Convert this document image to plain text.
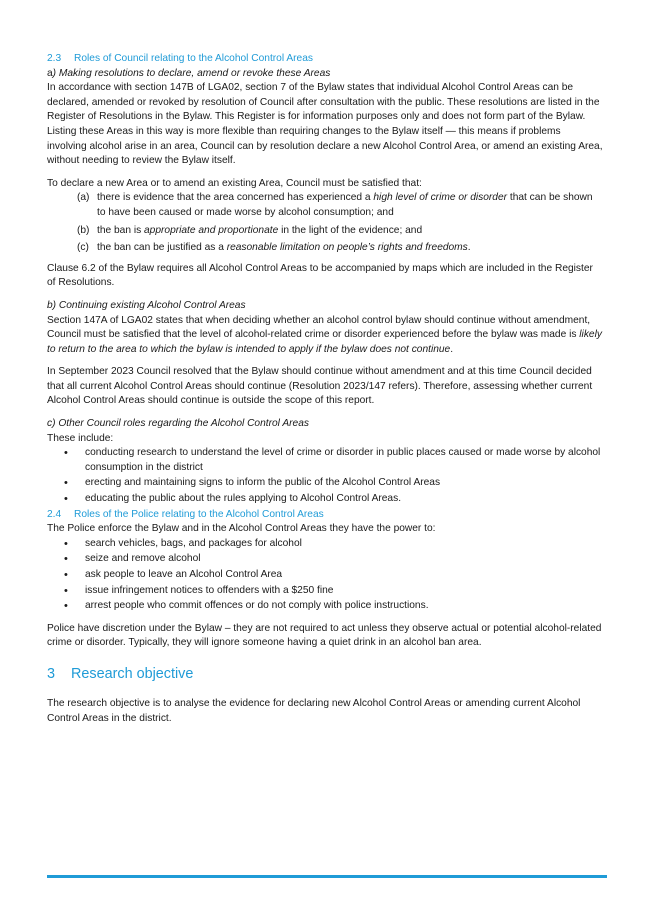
2.3 Roles of Council relating to the Alcohol Control Areas
a) Making resolutions to declare, amend or revoke these Areas

In accordance with section 147B of LGA02, section 7 of the Bylaw states that individual Alcohol Control Areas can be declared, amended or revoked by resolution of Council after consultation with the public. These resolutions are listed in the Register of Resolutions in the Bylaw. This Register is for information purposes only and does not form part of the Bylaw. Listing these Areas in this way is more flexible than requiring changes to the Bylaw itself — this means if problems involving alcohol arise in an area, Council can by resolution declare a new Alcohol Control Area, or amend an existing Area, without needing to review the Bylaw itself.

To declare a new Area or to amend an existing Area, Council must be satisfied that:

(a) there is evidence that the area concerned has experienced a high level of crime or disorder that can be shown to have been caused or made worse by alcohol consumption; and
(b) the ban is appropriate and proportionate in the light of the evidence; and
(c) the ban can be justified as a reasonable limitation on people’s rights and freedoms.

Clause 6.2 of the Bylaw requires all Alcohol Control Areas to be accompanied by maps which are included in the Register of Resolutions.

b) Continuing existing Alcohol Control Areas

Section 147A of LGA02 states that when deciding whether an alcohol control bylaw should continue without amendment, Council must be satisfied that the level of alcohol-related crime or disorder experienced before the bylaw was made is likely to return to the area to which the bylaw is intended to apply if the bylaw does not continue.

In September 2023 Council resolved that the Bylaw should continue without amendment and at this time Council decided that all current Alcohol Control Areas should continue (Resolution 2023/147 refers). Therefore, assessing whether current Alcohol Control Areas should continue is outside the scope of this report.

c) Other Council roles regarding the Alcohol Control Areas

These include:

• conducting research to understand the level of crime or disorder in public places caused or made worse by alcohol consumption in the district
• erecting and maintaining signs to inform the public of the Alcohol Control Areas
• educating the public about the rules applying to Alcohol Control Areas.
2.4 Roles of the Police relating to the Alcohol Control Areas

The Police enforce the Bylaw and in the Alcohol Control Areas they have the power to:

• search vehicles, bags, and packages for alcohol
• seize and remove alcohol
• ask people to leave an Alcohol Control Area
• issue infringement notices to offenders with a $250 fine
• arrest people who commit offences or do not comply with police instructions.

Police have discretion under the Bylaw – they are not required to act unless they observe actual or potential alcohol-related crime or disorder. Typically, they will ignore someone having a quiet drink in an alcohol ban area.

3 Research objective

The research objective is to analyse the evidence for declaring new Alcohol Control Areas or amending current Alcohol Control Areas in the district.
